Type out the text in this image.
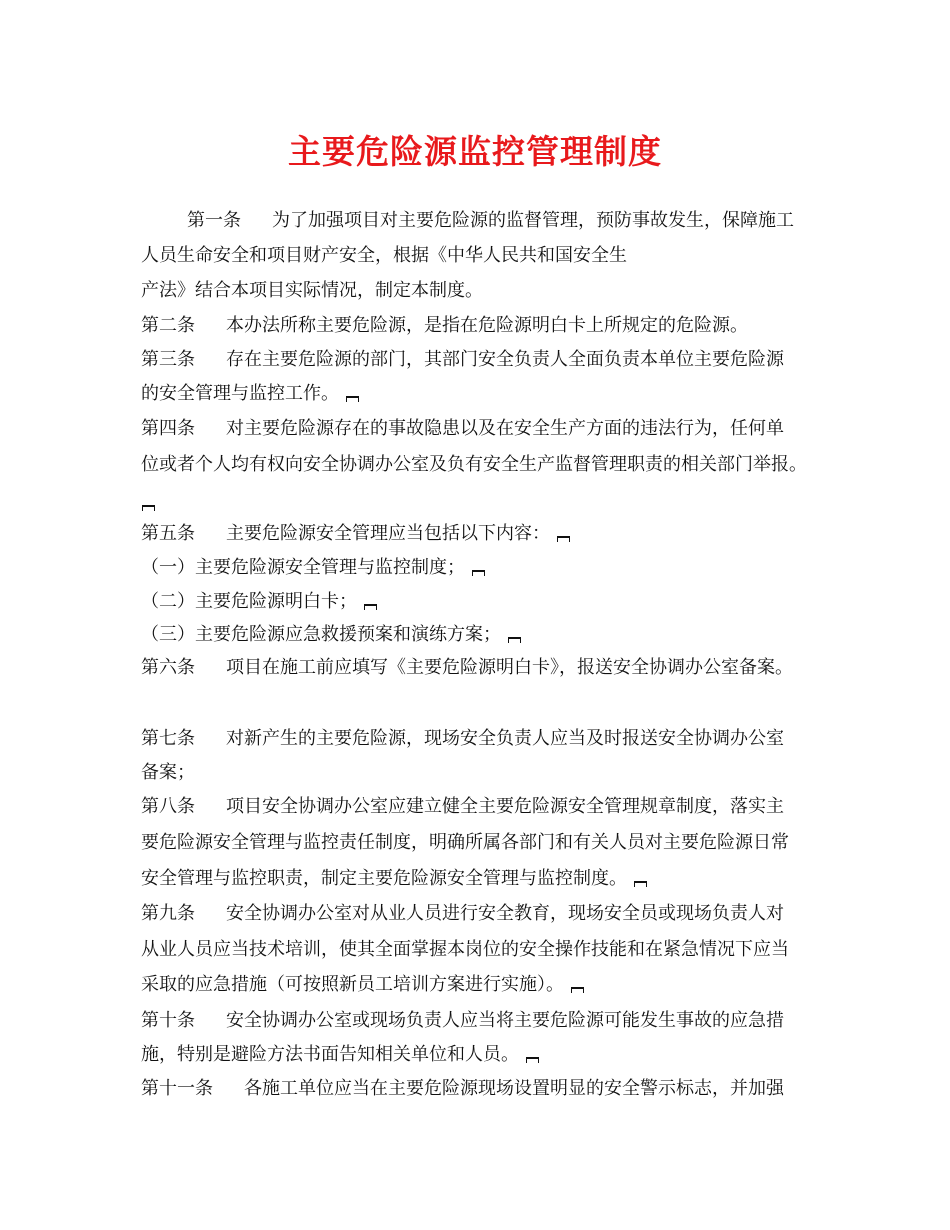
主要危险源监控管理制度
第一条 为了加强项目对主要危险源的监督管理，预防事故发生，保障施工
人员生命安全和项目财产安全，根据《中华人民共和国安全生
产法》结合本项目实际情况，制定本制度。
第二条 本办法所称主要危险源，是指在危险源明白卡上所规定的危险源。
第三条 存在主要危险源的部门，其部门安全负责人全面负责本单位主要危险源
的安全管理与监控工作。
第四条 对主要危险源存在的事故隐患以及在安全生产方面的违法行为，任何单
位或者个人均有权向安全协调办公室及负有安全生产监督管理职责的相关部门举报。
第五条 主要危险源安全管理应当包括以下内容：
（一）主要危险源安全管理与监控制度；
（二）主要危险源明白卡；
（三）主要危险源应急救援预案和演练方案；
第六条 项目在施工前应填写《主要危险源明白卡》，报送安全协调办公室备案。
第七条 对新产生的主要危险源，现场安全负责人应当及时报送安全协调办公室
备案；
第八条 项目安全协调办公室应建立健全主要危险源安全管理规章制度，落实主
要危险源安全管理与监控责任制度，明确所属各部门和有关人员对主要危险源日常
安全管理与监控职责，制定主要危险源安全管理与监控制度。
第九条 安全协调办公室对从业人员进行安全教育，现场安全员或现场负责人对
从业人员应当技术培训，使其全面掌握本岗位的安全操作技能和在紧急情况下应当
采取的应急措施（可按照新员工培训方案进行实施）。
第十条 安全协调办公室或现场负责人应当将主要危险源可能发生事故的应急措
施，特别是避险方法书面告知相关单位和人员。
第十一条 各施工单位应当在主要危险源现场设置明显的安全警示标志，并加强
